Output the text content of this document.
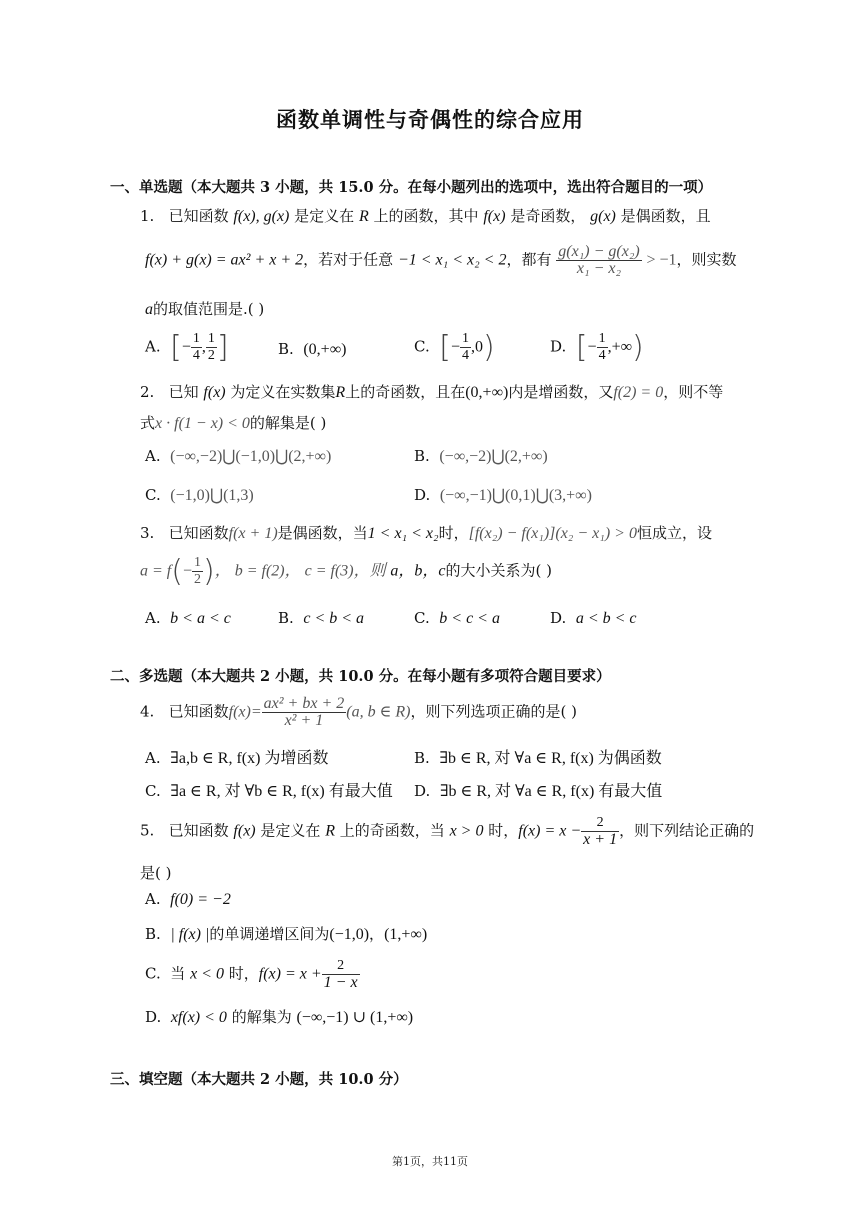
函数单调性与奇偶性的综合应用
一、单选题（本大题共 3 小题，共 15.0 分。在每小题列出的选项中，选出符合题目的一项）
1. 已知函数 f(x), g(x) 是定义在 R 上的函数，其中 f(x) 是奇函数， g(x) 是偶函数，且
f(x) + g(x) = ax² + x + 2，若对于任意 −1 < x₁ < x₂ < 2，都有 $\frac{\text{g(x₁) − g(x₂)}}{\text{x₁ − x₂}} > -1$，则实数
a的取值范围是.( )
A. [− $\frac{1}{4}$ , $\frac{1}{2}$ ]	B. (0,+∞)	C. [− $\frac{1}{4} ,0$)	D. [− $\frac{1}{4}$ ,+∞)
2. 已知 f(x) 为定义在实数集R上的奇函数，且在(0,+∞)内是增函数，又f(2) = 0，则不等
式x · f(1 − x) < 0的解集是( )
A. (−∞,−2)⋃(−1,0)⋃(2,+∞)	B. (−∞,−2)⋃(2,+∞)
C. (−1,0)⋃(1,3)	D. (−∞,−1)⋃(0,1)⋃(3,+∞)
3. 已知函数f(x + 1)是偶函数，当1 < x₁ < x₂时，[f(x₂) − f(x₁)](x₂ − x₁) > 0恒成立，设
$a = f(- \frac{1}{2}$ )， b = f(2)， c = f(3)，则 a，b，c的大小关系为( )
A. b < a < c	B. c < b < a	C. b < c < a	D. a < b < c
二、多选题（本大题共 2 小题，共 10.0 分。在每小题有多项符合题目要求）
4. 已知函数$f(x)= \frac{\text{ax² + bx + 2}}{\text{x² + 1}} (a$, b ∈ R)，则下列选项正确的是( )
A. ∃a,b ∈ R, f(x) 为增函数	B. ∃b ∈ R, 对 ∀a ∈ R, f(x) 为偶函数
C. ∃a ∈ R, 对 ∀b ∈ R, f(x) 有最大值 D. ∃b ∈ R, 对 ∀a ∈ R, f(x) 有最大值
5. 已知函数 f(x) 是定义在 R 上的奇函数，当 x > 0 时，$f(x) = x - \frac{2}{x + 1}$ ，则下列结论正确的
是( )
A. f(0) = −2
B. | f(x) |的单调递增区间为(−1,0)，(1,+∞)
C. 当 x < 0 时，$f(x) = x + \frac{2}{1 - x}$
D. xf(x) < 0 的解集为 (−∞,−1) ∪ (1,+∞)
三、填空题（本大题共 2 小题，共 10.0 分）
第1页，共11页
